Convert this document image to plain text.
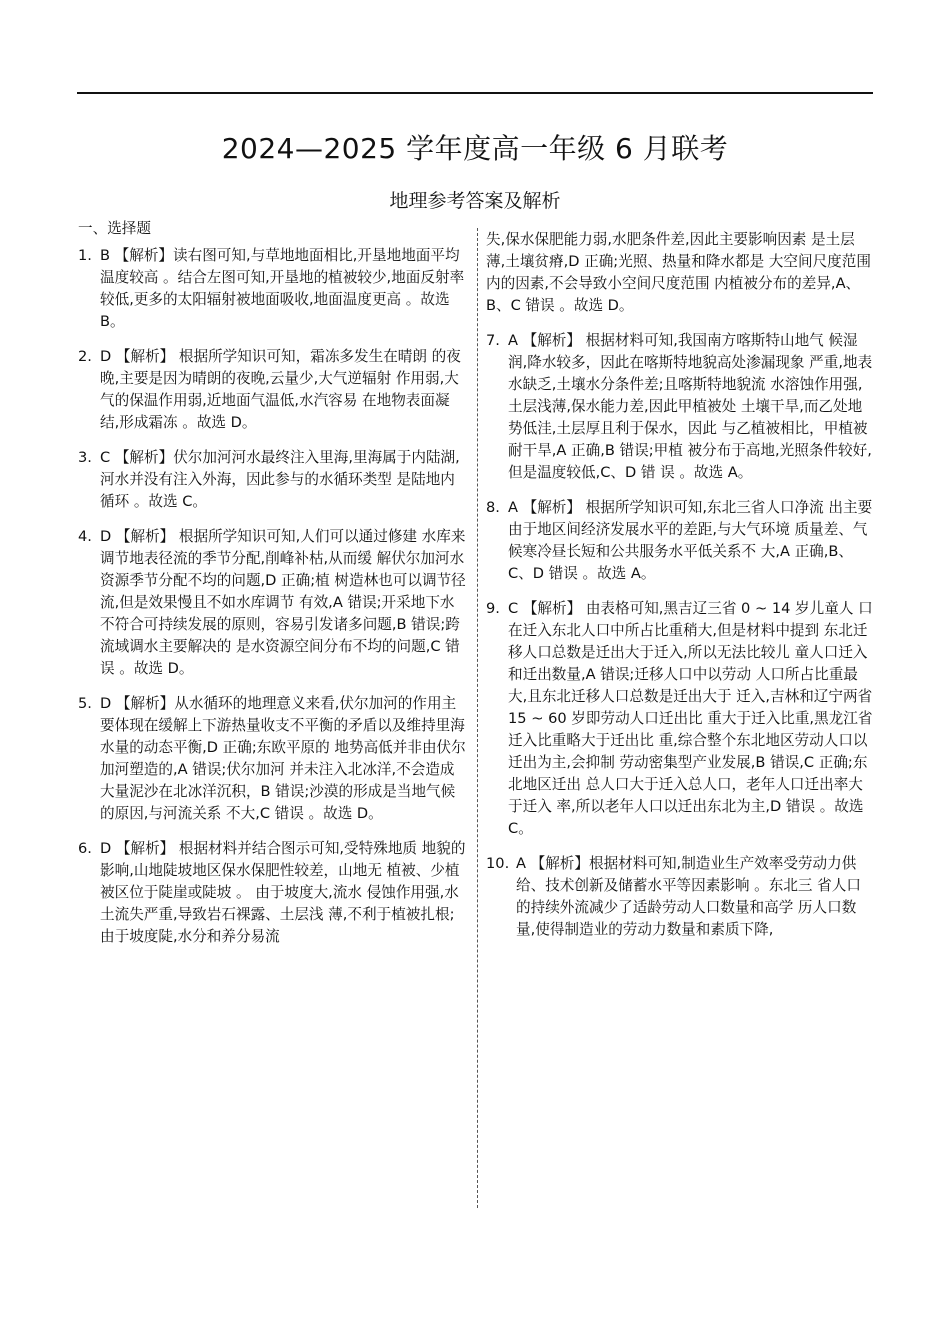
2024—2025 学年度高一年级 6 月联考
地理参考答案及解析
一、选择题
1. B 【解析】读右图可知,与草地地面相比,开垦地地面平均温度较高 。结合左图可知,开垦地的植被较少,地面反射率较低,更多的太阳辐射被地面吸收,地面温度更高 。故选 B。
2. D 【解析】 根据所学知识可知，霜冻多发生在晴朗 的夜晚,主要是因为晴朗的夜晚,云量少,大气逆辐射 作用弱,大气的保温作用弱,近地面气温低,水汽容易 在地物表面凝结,形成霜冻 。故选 D。
3. C 【解析】伏尔加河河水最终注入里海,里海属于内陆湖,河水并没有注入外海，因此参与的水循环类型 是陆地内循环 。故选 C。
4. D 【解析】 根据所学知识可知,人们可以通过修建 水库来调节地表径流的季节分配,削峰补枯,从而缓 解伏尔加河水资源季节分配不均的问题,D 正确;植 树造林也可以调节径流,但是效果慢且不如水库调节 有效,A 错误;开采地下水不符合可持续发展的原则，容易引发诸多问题,B 错误;跨流域调水主要解决的 是水资源空间分布不均的问题,C 错误 。故选 D。
5. D 【解析】从水循环的地理意义来看,伏尔加河的作用主要体现在缓解上下游热量收支不平衡的矛盾以及维持里海水量的动态平衡,D 正确;东欧平原的 地势高低并非由伏尔加河塑造的,A 错误;伏尔加河 并未注入北冰洋,不会造成大量泥沙在北冰洋沉积，B 错误;沙漠的形成是当地气候的原因,与河流关系 不大,C 错误 。故选 D。
6. D 【解析】 根据材料并结合图示可知,受特殊地质 地貌的影响,山地陡坡地区保水保肥性较差，山地无 植被、少植被区位于陡崖或陡坡 。 由于坡度大,流水 侵蚀作用强,水土流失严重,导致岩石裸露、土层浅 薄,不利于植被扎根;由于坡度陡,水分和养分易流
失,保水保肥能力弱,水肥条件差,因此主要影响因素 是土层薄,土壤贫瘠,D 正确;光照、热量和降水都是 大空间尺度范围内的因素,不会导致小空间尺度范围 内植被分布的差异,A、B、C 错误 。故选 D。
7. A 【解析】 根据材料可知,我国南方喀斯特山地气 候湿润,降水较多，因此在喀斯特地貌高处渗漏现象 严重,地表水缺乏,土壤水分条件差;且喀斯特地貌流 水溶蚀作用强,土层浅薄,保水能力差,因此甲植被处 土壤干旱,而乙处地势低洼,土层厚且利于保水，因此 与乙植被相比，甲植被耐干旱,A 正确,B 错误;甲植 被分布于高地,光照条件较好,但是温度较低,C、D 错 误 。故选 A。
8. A 【解析】 根据所学知识可知,东北三省人口净流 出主要由于地区间经济发展水平的差距,与大气环境 质量差、气候寒冷昼长短和公共服务水平低关系不 大,A 正确,B、C、D 错误 。故选 A。
9. C 【解析】 由表格可知,黑吉辽三省 0 ~ 14 岁儿童人 口在迁入东北人口中所占比重稍大,但是材料中提到 东北迁移人口总数是迁出大于迁入,所以无法比较儿 童人口迁入和迁出数量,A 错误;迁移人口中以劳动 人口所占比重最大,且东北迁移人口总数是迁出大于 迁入,吉林和辽宁两省 15 ~ 60 岁即劳动人口迁出比 重大于迁入比重,黑龙江省迁入比重略大于迁出比 重,综合整个东北地区劳动人口以迁出为主,会抑制 劳动密集型产业发展,B 错误,C 正确;东北地区迁出 总人口大于迁入总人口，老年人口迁出率大于迁入 率,所以老年人口以迁出东北为主,D 错误 。故选 C。
10. A 【解析】根据材料可知,制造业生产效率受劳动力供给、技术创新及储蓄水平等因素影响 。东北三 省人口的持续外流减少了适龄劳动人口数量和高学 历人口数量,使得制造业的劳动力数量和素质下降,
